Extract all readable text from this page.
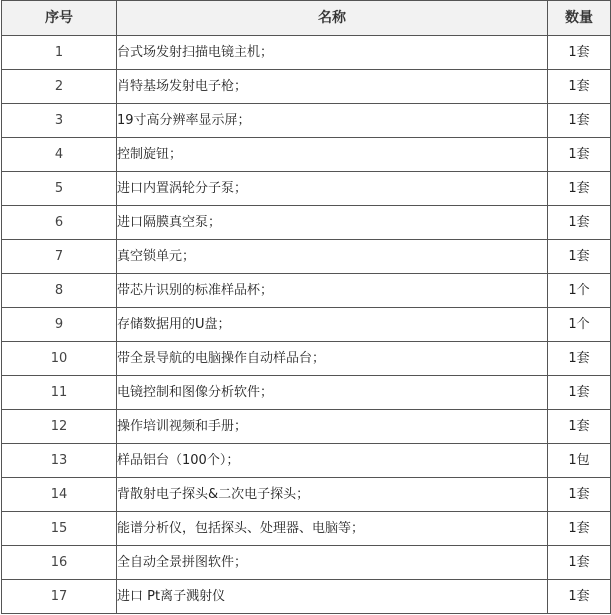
序号	名称	数量
1	台式场发射扫描电镜主机；	1套
2	肖特基场发射电子枪；	1套
3	19寸高分辨率显示屏；	1套
4	控制旋钮；	1套
5	进口内置涡轮分子泵；	1套
6	进口隔膜真空泵；	1套
7	真空锁单元；	1套
8	带芯片识别的标准样品杯；	1个
9	存储数据用的U盘；	1个
10	带全景导航的电脑操作自动样品台；	1套
11	电镜控制和图像分析软件；	1套
12	操作培训视频和手册；	1套
13	样品铝台（100个）；	1包
14	背散射电子探头&二次电子探头；	1套
15	能谱分析仪，包括探头、处理器、电脑等；	1套
16	全自动全景拼图软件；	1套
17	进口 Pt离子溅射仪	1套
